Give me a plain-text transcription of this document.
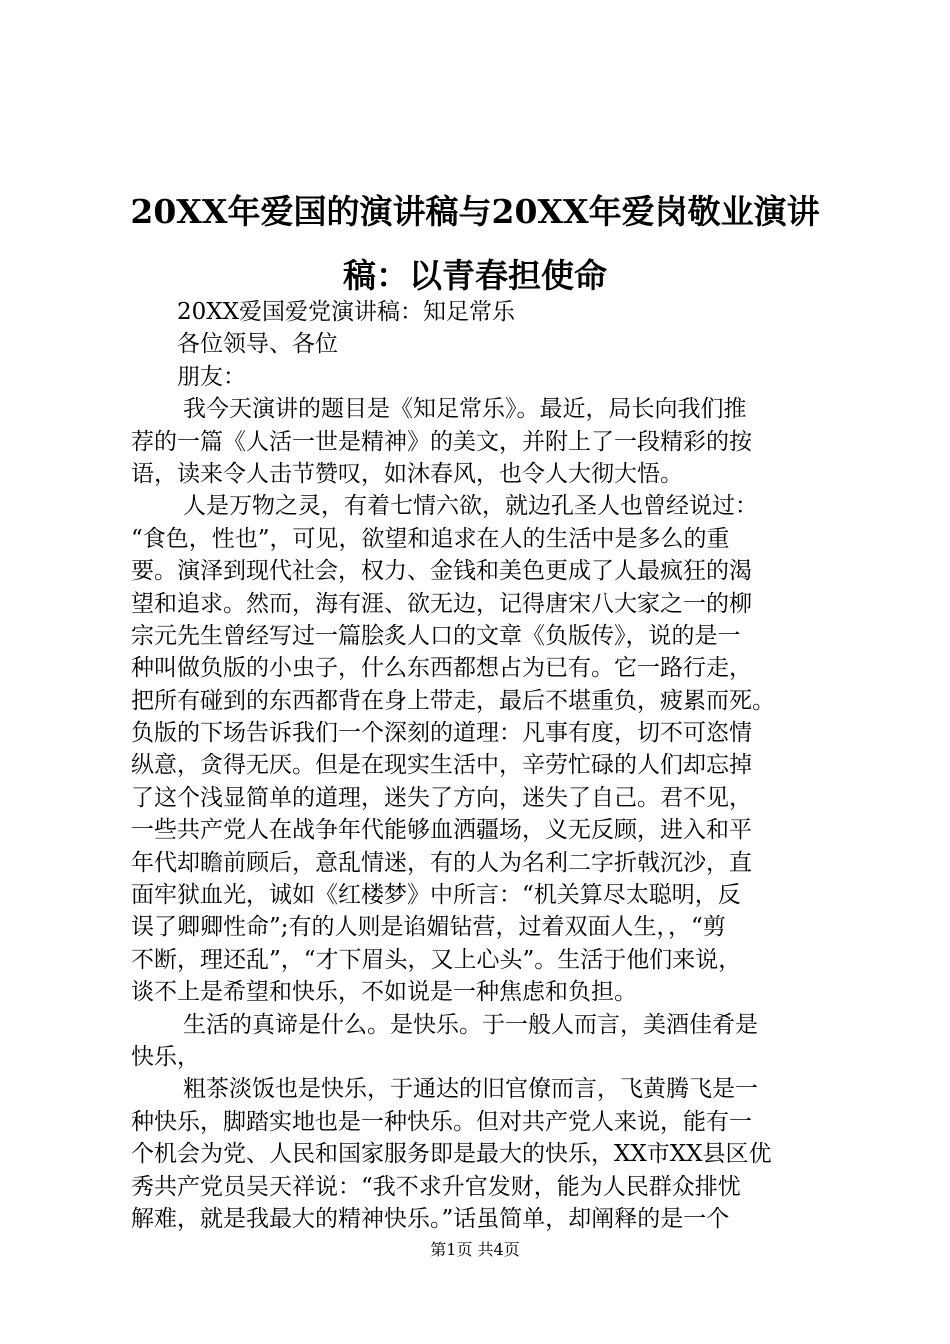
20XX年爱国的演讲稿与20XX年爱岗敬业演讲
稿：以青春担使命
20XX爱国爱党演讲稿：知足常乐
各位领导、各位
朋友：
我今天演讲的题目是《知足常乐》。最近，局长向我们推
荐的一篇《人活一世是精神》的美文，并附上了一段精彩的按
语，读来令人击节赞叹，如沐春风，也令人大彻大悟。
人是万物之灵，有着七情六欲，就边孔圣人也曾经说过：
“食色，性也”，可见，欲望和追求在人的生活中是多么的重
要。演泽到现代社会，权力、金钱和美色更成了人最疯狂的渴
望和追求。然而，海有涯、欲无边，记得唐宋八大家之一的柳
宗元先生曾经写过一篇脍炙人口的文章《负版传》，说的是一
种叫做负版的小虫子，什么东西都想占为已有。它一路行走，
把所有碰到的东西都背在身上带走，最后不堪重负，疲累而死。
负版的下场告诉我们一个深刻的道理：凡事有度，切不可恣情
纵意，贪得无厌。但是在现实生活中，辛劳忙碌的人们却忘掉
了这个浅显简单的道理，迷失了方向，迷失了自己。君不见，
一些共产党人在战争年代能够血洒疆场，义无反顾，进入和平
年代却瞻前顾后，意乱情迷，有的人为名利二字折戟沉沙，直
面牢狱血光，诚如《红楼梦》中所言：“机关算尽太聪明，反
误了卿卿性命”;有的人则是谄媚钻营，过着双面人生，，“剪
不断，理还乱”，“才下眉头，又上心头”。生活于他们来说，
谈不上是希望和快乐，不如说是一种焦虑和负担。
生活的真谛是什么。是快乐。于一般人而言，美酒佳肴是
快乐，
粗茶淡饭也是快乐，于通达的旧官僚而言，飞黄腾飞是一
种快乐，脚踏实地也是一种快乐。但对共产党人来说，能有一
个机会为党、人民和国家服务即是最大的快乐，XX市XX县区优
秀共产党员吴天祥说：“我不求升官发财，能为人民群众排忧
解难，就是我最大的精神快乐。”话虽简单，却阐释的是一个
第1页 共4页
